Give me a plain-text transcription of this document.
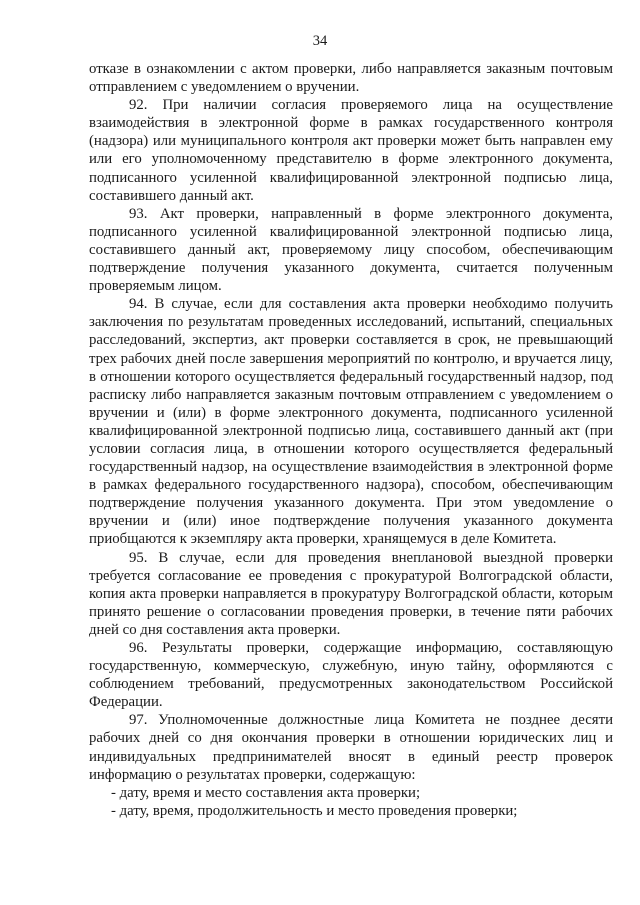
34

отказе в ознакомлении с актом проверки, либо направляется заказным почтовым отправлением с уведомлением о вручении.

92. При наличии согласия проверяемого лица на осуществление взаимодействия в электронной форме в рамках государственного контроля (надзора) или муниципального контроля акт проверки может быть направлен ему или его уполномоченному представителю в форме электронного документа, подписанного усиленной квалифицированной электронной подписью лица, составившего данный акт.

93. Акт проверки, направленный в форме электронного документа, подписанного усиленной квалифицированной электронной подписью лица, составившего данный акт, проверяемому лицу способом, обеспечивающим подтверждение получения указанного документа, считается полученным проверяемым лицом.

94. В случае, если для составления акта проверки необходимо получить заключения по результатам проведенных исследований, испытаний, специальных расследований, экспертиз, акт проверки составляется в срок, не превышающий трех рабочих дней после завершения мероприятий по контролю, и вручается лицу, в отношении которого осуществляется федеральный государственный надзор, под расписку либо направляется заказным почтовым отправлением с уведомлением о вручении и (или) в форме электронного документа, подписанного усиленной квалифицированной электронной подписью лица, составившего данный акт (при условии согласия лица, в отношении которого осуществляется федеральный государственный надзор, на осуществление взаимодействия в электронной форме в рамках федерального государственного надзора), способом, обеспечивающим подтверждение получения указанного документа. При этом уведомление о вручении и (или) иное подтверждение получения указанного документа приобщаются к экземпляру акта проверки, хранящемуся в деле Комитета.

95. В случае, если для проведения внеплановой выездной проверки требуется согласование ее проведения с прокуратурой Волгоградской области, копия акта проверки направляется в прокуратуру Волгоградской области, которым принято решение о согласовании проведения проверки, в течение пяти рабочих дней со дня составления акта проверки.

96. Результаты проверки, содержащие информацию, составляющую государственную, коммерческую, служебную, иную тайну, оформляются с соблюдением требований, предусмотренных законодательством Российской Федерации.

97. Уполномоченные должностные лица Комитета не позднее десяти рабочих дней со дня окончания проверки в отношении юридических лиц и индивидуальных предпринимателей вносят в единый реестр проверок информацию о результатах проверки, содержащую:

- дату, время и место составления акта проверки;

- дату, время, продолжительность и место проведения проверки;
